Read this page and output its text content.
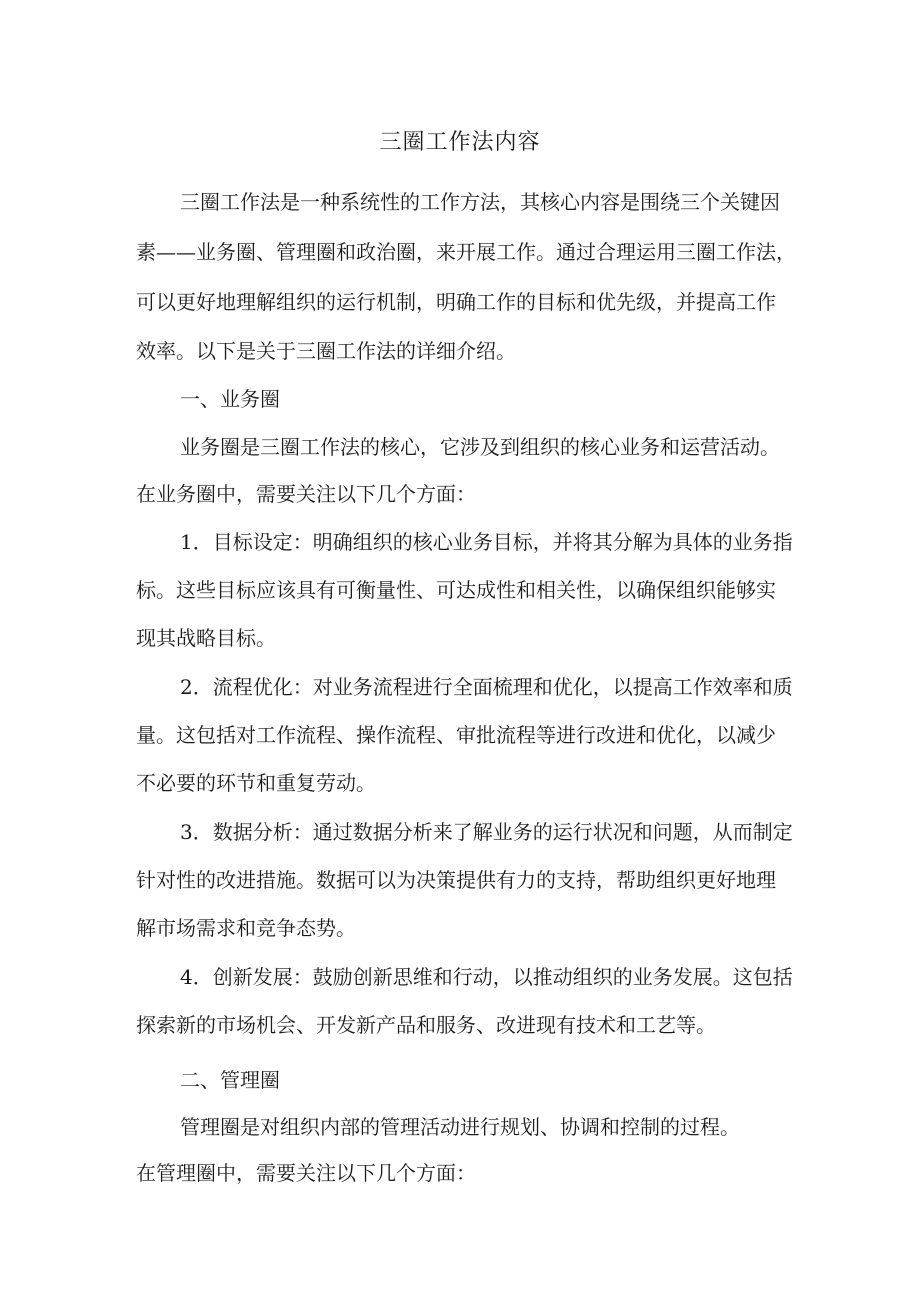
三圈工作法内容
三圈工作法是一种系统性的工作方法，其核心内容是围绕三个关键因
素——业务圈、管理圈和政治圈，来开展工作。通过合理运用三圈工作法，
可以更好地理解组织的运行机制，明确工作的目标和优先级，并提高工作
效率。以下是关于三圈工作法的详细介绍。
一、业务圈
业务圈是三圈工作法的核心，它涉及到组织的核心业务和运营活动。
在业务圈中，需要关注以下几个方面：
1．目标设定：明确组织的核心业务目标，并将其分解为具体的业务指
标。这些目标应该具有可衡量性、可达成性和相关性，以确保组织能够实
现其战略目标。
2．流程优化：对业务流程进行全面梳理和优化，以提高工作效率和质
量。这包括对工作流程、操作流程、审批流程等进行改进和优化，以减少
不必要的环节和重复劳动。
3．数据分析：通过数据分析来了解业务的运行状况和问题，从而制定
针对性的改进措施。数据可以为决策提供有力的支持，帮助组织更好地理
解市场需求和竞争态势。
4．创新发展：鼓励创新思维和行动，以推动组织的业务发展。这包括
探索新的市场机会、开发新产品和服务、改进现有技术和工艺等。
二、管理圈
管理圈是对组织内部的管理活动进行规划、协调和控制的过程。
在管理圈中，需要关注以下几个方面：
